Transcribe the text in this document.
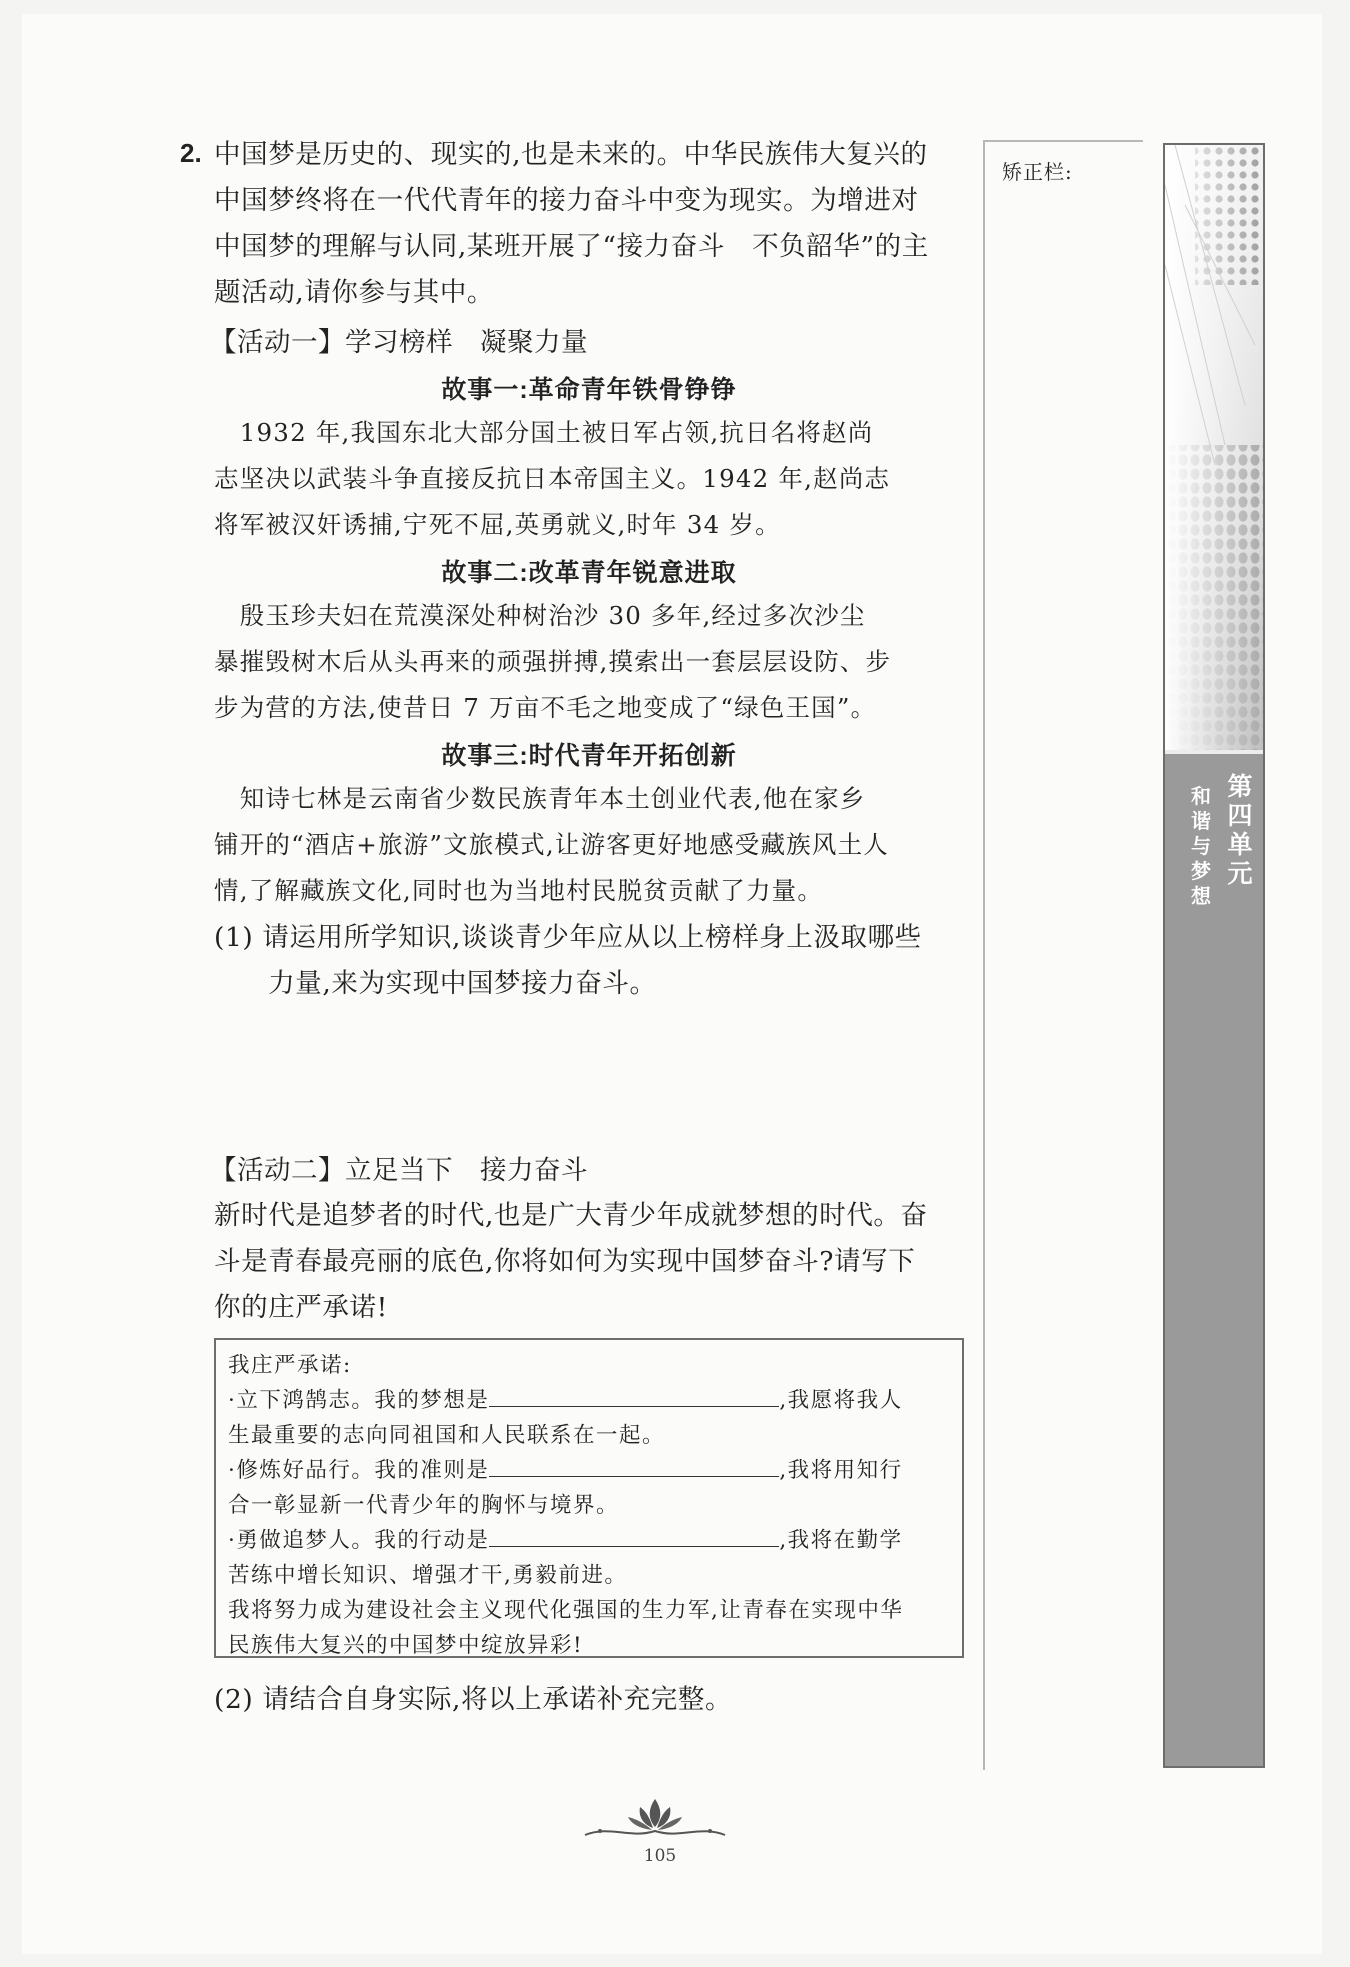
2. 中国梦是历史的、现实的,也是未来的。中华民族伟大复兴的
中国梦终将在一代代青年的接力奋斗中变为现实。为增进对
中国梦的理解与认同,某班开展了“接力奋斗　不负韶华”的主
题活动,请你参与其中。
【活动一】学习榜样　凝聚力量
故事一:革命青年铁骨铮铮
　1932 年,我国东北大部分国土被日军占领,抗日名将赵尚
志坚决以武装斗争直接反抗日本帝国主义。1942 年,赵尚志
将军被汉奸诱捕,宁死不屈,英勇就义,时年 34 岁。
故事二:改革青年锐意进取
　殷玉珍夫妇在荒漠深处种树治沙 30 多年,经过多次沙尘
暴摧毁树木后从头再来的顽强拼搏,摸索出一套层层设防、步
步为营的方法,使昔日 7 万亩不毛之地变成了“绿色王国”。
故事三:时代青年开拓创新
　知诗七林是云南省少数民族青年本土创业代表,他在家乡
铺开的“酒店+旅游”文旅模式,让游客更好地感受藏族风土人
情,了解藏族文化,同时也为当地村民脱贫贡献了力量。
(1) 请运用所学知识,谈谈青少年应从以上榜样身上汲取哪些
　　力量,来为实现中国梦接力奋斗。
【活动二】立足当下　接力奋斗
新时代是追梦者的时代,也是广大青少年成就梦想的时代。奋
斗是青春最亮丽的底色,你将如何为实现中国梦奋斗?请写下
你的庄严承诺!
我庄严承诺:
·立下鸿鹄志。我的梦想是	,我愿将我人
生最重要的志向同祖国和人民联系在一起。
·修炼好品行。我的准则是	,我将用知行
合一彰显新一代青少年的胸怀与境界。
·勇做追梦人。我的行动是	,我将在勤学
苦练中增长知识、增强才干,勇毅前进。
我将努力成为建设社会主义现代化强国的生力军,让青春在实现中华
民族伟大复兴的中国梦中绽放异彩!
(2) 请结合自身实际,将以上承诺补充完整。
矫正栏:
第四单元
和谐与梦想
105
